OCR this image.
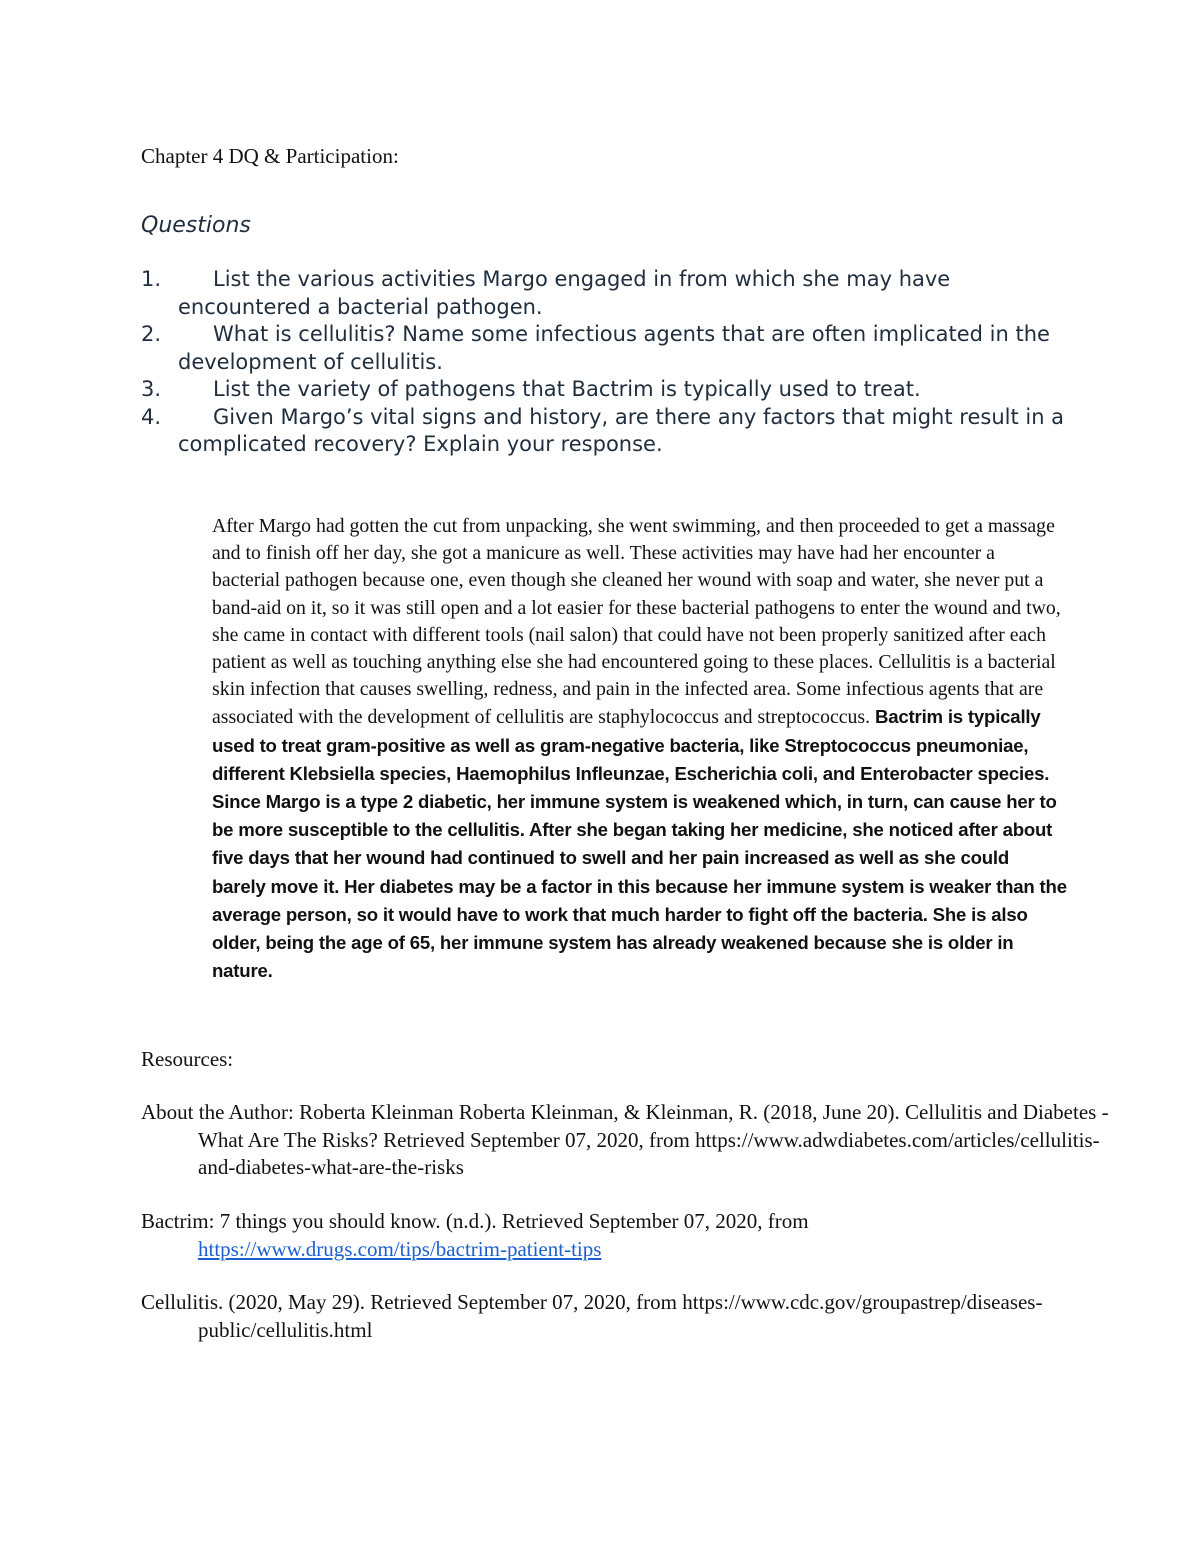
Chapter 4 DQ & Participation:
Questions
1.	List the various activities Margo engaged in from which she may have encountered a bacterial pathogen.
2.	What is cellulitis? Name some infectious agents that are often implicated in the development of cellulitis.
3.	List the variety of pathogens that Bactrim is typically used to treat.
4.	Given Margo’s vital signs and history, are there any factors that might result in a complicated recovery? Explain your response.
After Margo had gotten the cut from unpacking, she went swimming, and then proceeded to get a massage and to finish off her day, she got a manicure as well. These activities may have had her encounter a bacterial pathogen because one, even though she cleaned her wound with soap and water, she never put a band-aid on it, so it was still open and a lot easier for these bacterial pathogens to enter the wound and two, she came in contact with different tools (nail salon) that could have not been properly sanitized after each patient as well as touching anything else she had encountered going to these places. Cellulitis is a bacterial skin infection that causes swelling, redness, and pain in the infected area. Some infectious agents that are associated with the development of cellulitis are staphylococcus and streptococcus. Bactrim is typically used to treat gram-positive as well as gram-negative bacteria, like Streptococcus pneumoniae, different Klebsiella species, Haemophilus Infleunzae, Escherichia coli, and Enterobacter species. Since Margo is a type 2 diabetic, her immune system is weakened which, in turn, can cause her to be more susceptible to the cellulitis. After she began taking her medicine, she noticed after about five days that her wound had continued to swell and her pain increased as well as she could barely move it. Her diabetes may be a factor in this because her immune system is weaker than the average person, so it would have to work that much harder to fight off the bacteria. She is also older, being the age of 65, her immune system has already weakened because she is older in nature.
Resources:
About the Author: Roberta Kleinman Roberta Kleinman, & Kleinman, R. (2018, June 20). Cellulitis and Diabetes - What Are The Risks? Retrieved September 07, 2020, from https://www.adwdiabetes.com/articles/cellulitis-and-diabetes-what-are-the-risks
Bactrim: 7 things you should know. (n.d.). Retrieved September 07, 2020, from https://www.drugs.com/tips/bactrim-patient-tips
Cellulitis. (2020, May 29). Retrieved September 07, 2020, from https://www.cdc.gov/groupastrep/diseases-public/cellulitis.html
